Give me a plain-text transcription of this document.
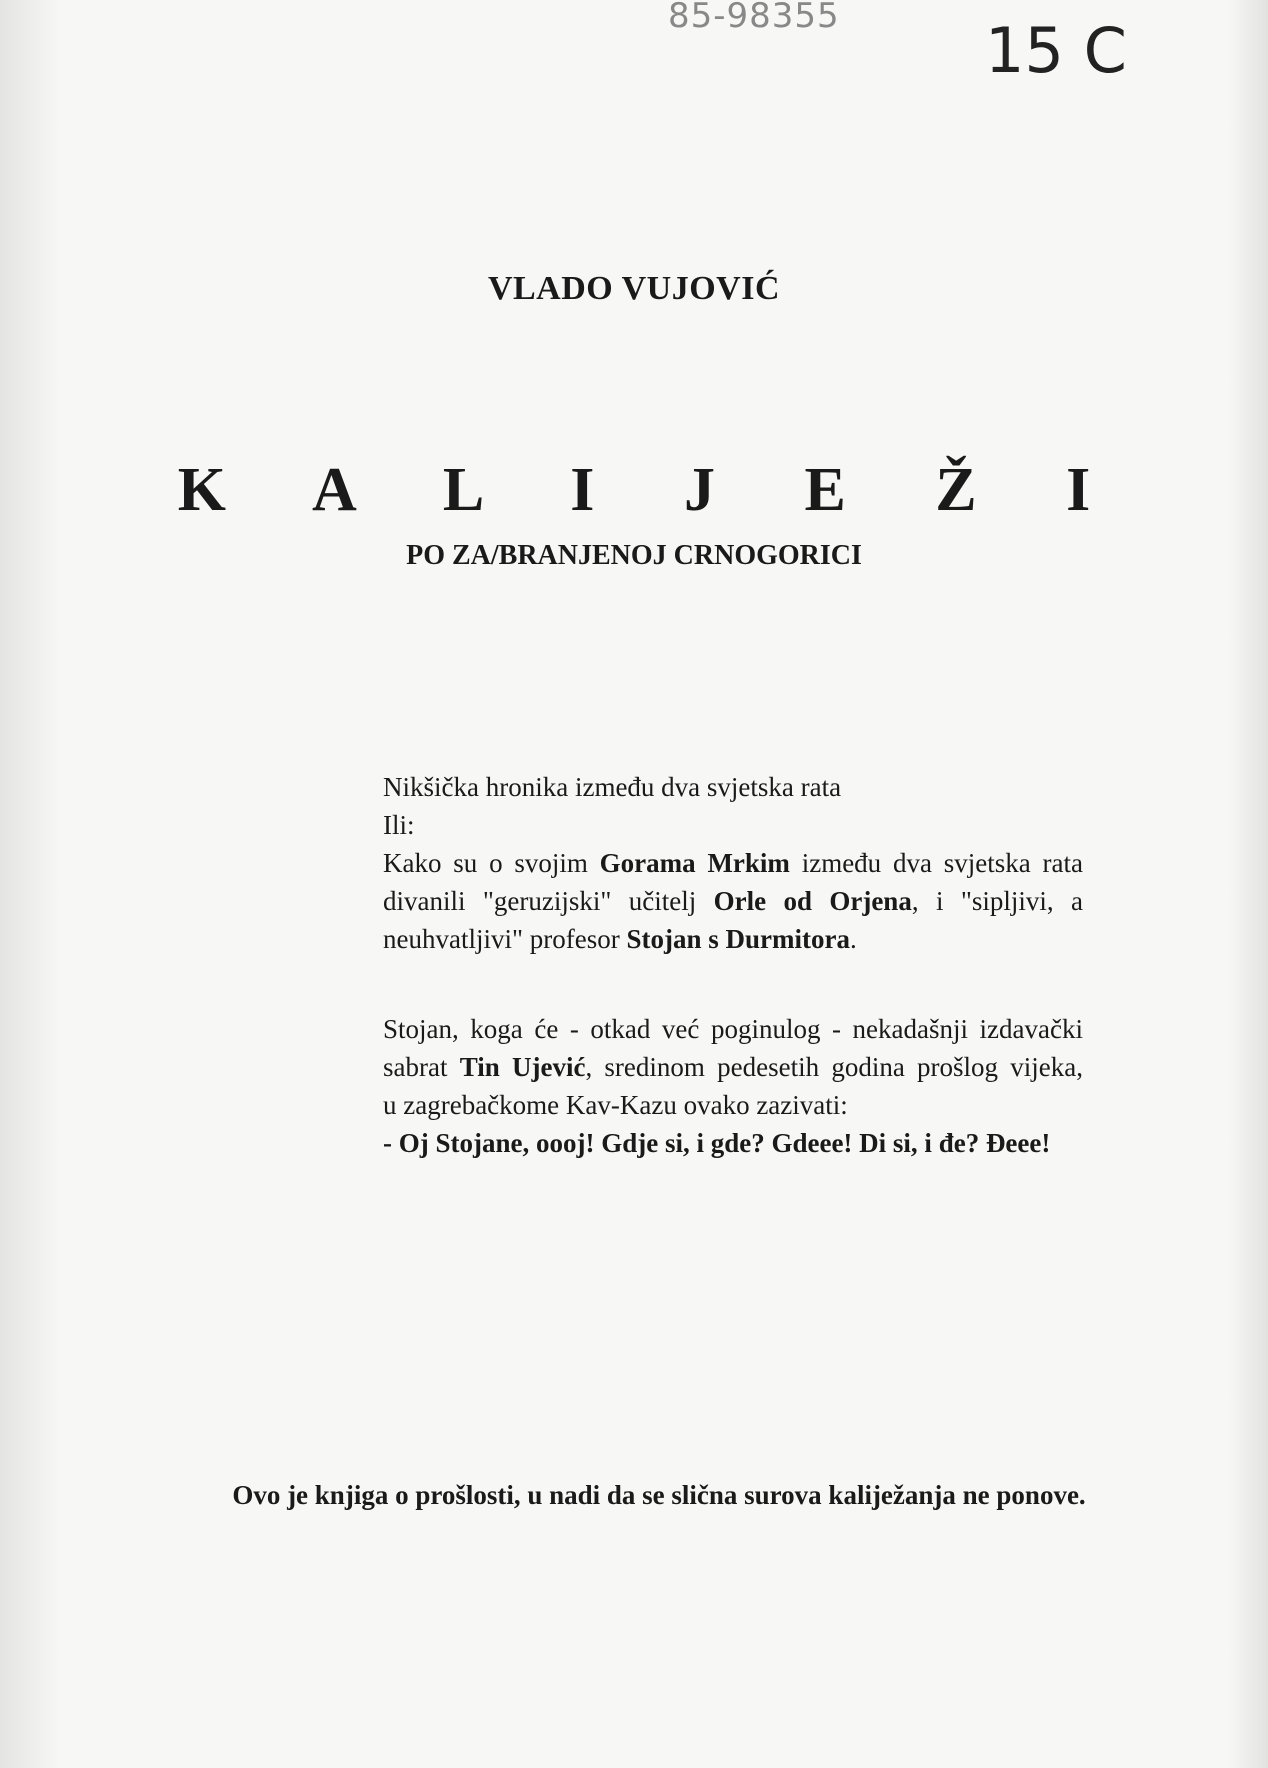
85-98355 15 C
VLADO VUJOVIĆ
K A L I J E Ž I
PO ZA/BRANJENOJ CRNOGORICI
Nikšička hronika između dva svjetska rata
Ili:
Kako su o svojim Gorama Mrkim između dva svjetska rata
divanili "geruzijski" učitelj Orle od Orjena, i "sipljivi, a
neuhvatljivi" profesor Stojan s Durmitora.
Stojan, koga će - otkad već poginulog - nekadašnji izdavački
sabrat Tin Ujević, sredinom pedesetih godina prošlog vijeka,
u zagrebačkome Kav-Kazu ovako zazivati:
- Oj Stojane, oooj! Gdje si, i gde? Gdeee! Di si, i đe? Đeee!
Ovo je knjiga o prošlosti, u nadi da se slična surova kaliježanja ne ponove.
